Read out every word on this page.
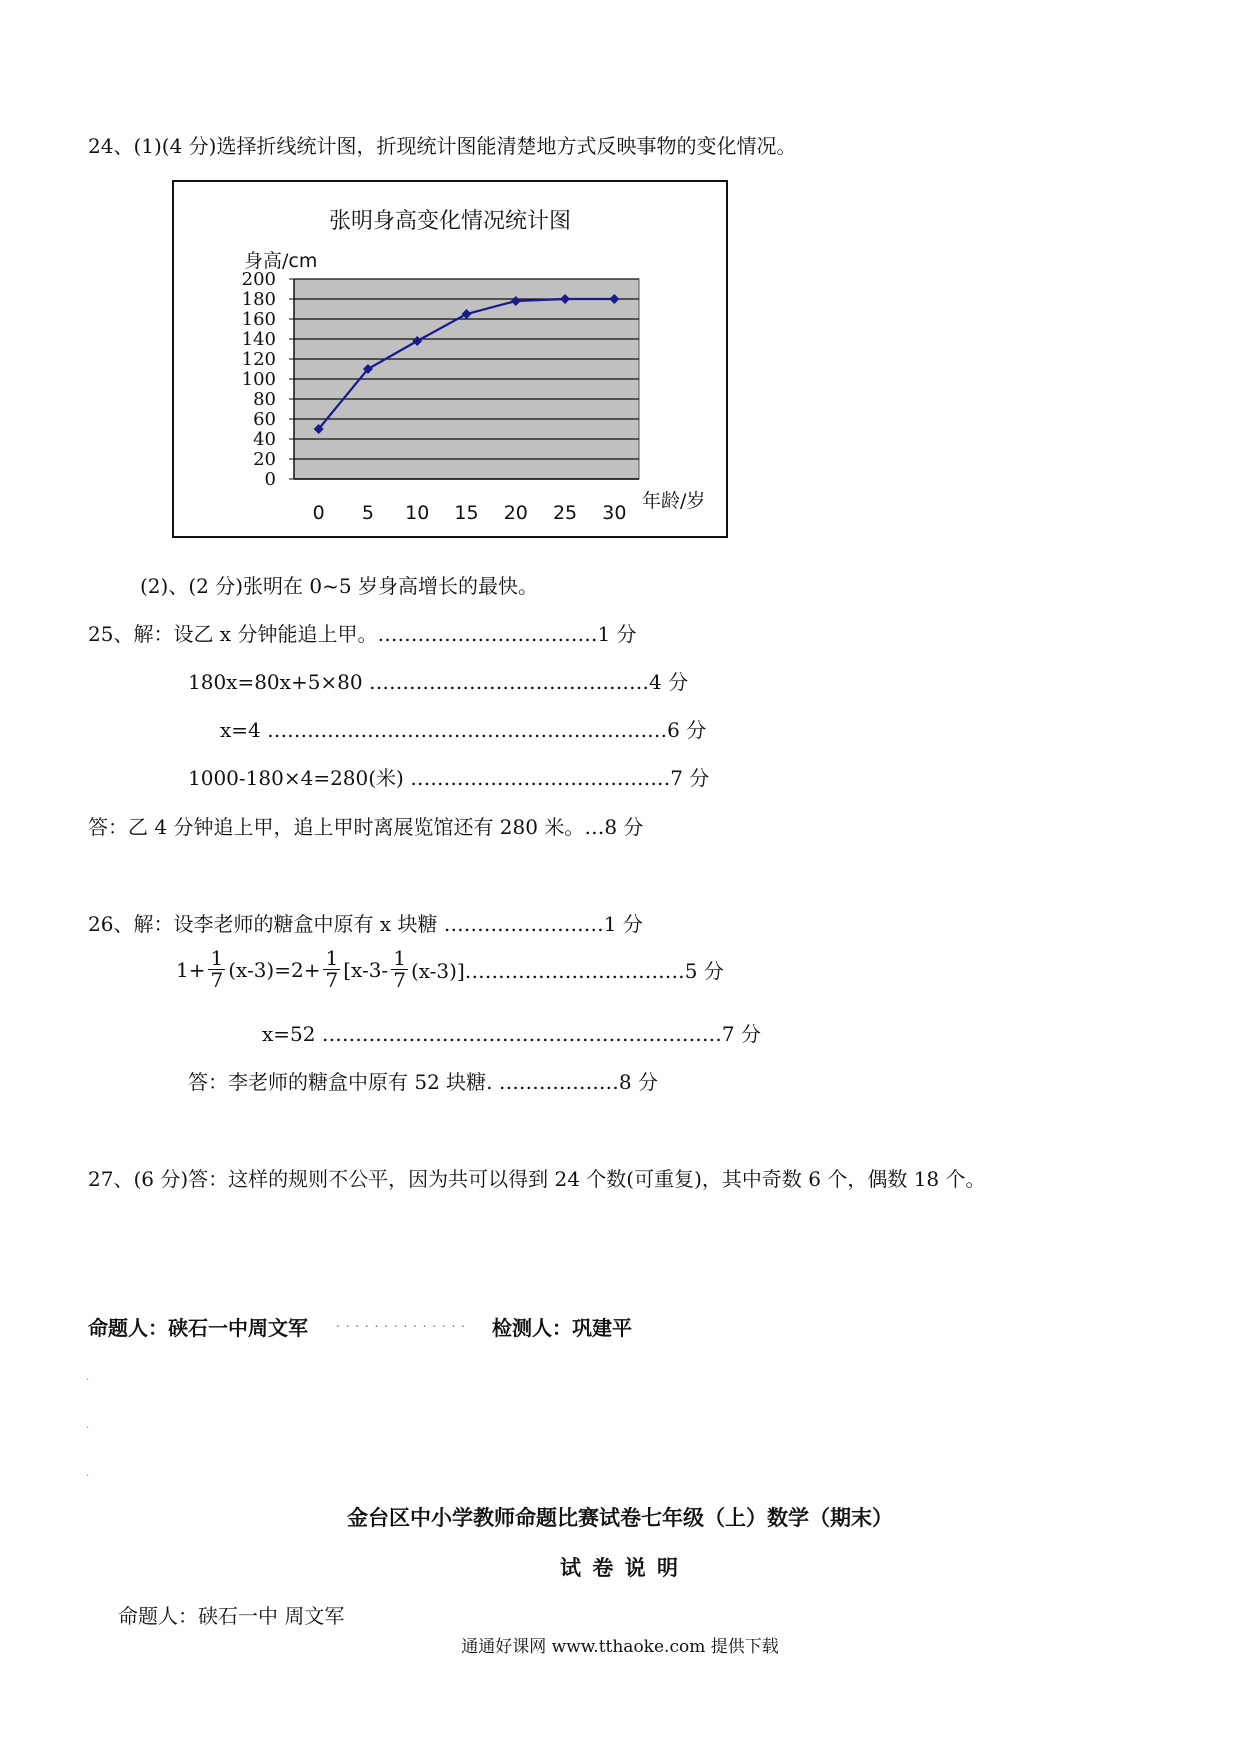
24、(1)(4 分)选择折线统计图，折现统计图能清楚地方式反映事物的变化情况。
张明身高变化情况统计图
身高/cm
年龄/岁
0
20
40
60
80
100
120
140
160
180
200
0 5 10 15 20 25 30
(2)、(2 分)张明在 0~5 岁身高增长的最快。
25、解：设乙 x 分钟能追上甲。……………………………1 分
180x=80x+5×80 ……………………………………4 分
x=4 ……………………………………………………6 分
1000-180×4=280(米) …………………………………7 分
答：乙 4 分钟追上甲，追上甲时离展览馆还有 280 米。…8 分
26、解：设李老师的糖盒中原有 x 块糖 ……………………1 分
$1+ \frac{1}{7} (x-3)=2+ \frac{1}{7} [x-3- \frac{1}{7}$ (x-3)]……………………………5 分
x=52 ……………………………………………………7 分
答：李老师的糖盒中原有 52 块糖. ………………8 分
27、(6 分)答：这样的规则不公平，因为共可以得到 24 个数(可重复)，其中奇数 6 个，偶数 18 个。
命题人：硖石一中周文军 . . . . . . . . . . . . . . 检测人：巩建平
.
.
.
金台区中小学教师命题比赛试卷七年级（上）数学（期末）
试 卷 说 明
命题人：硖石一中 周文军
通通好课网 www.tthaoke.com 提供下载
